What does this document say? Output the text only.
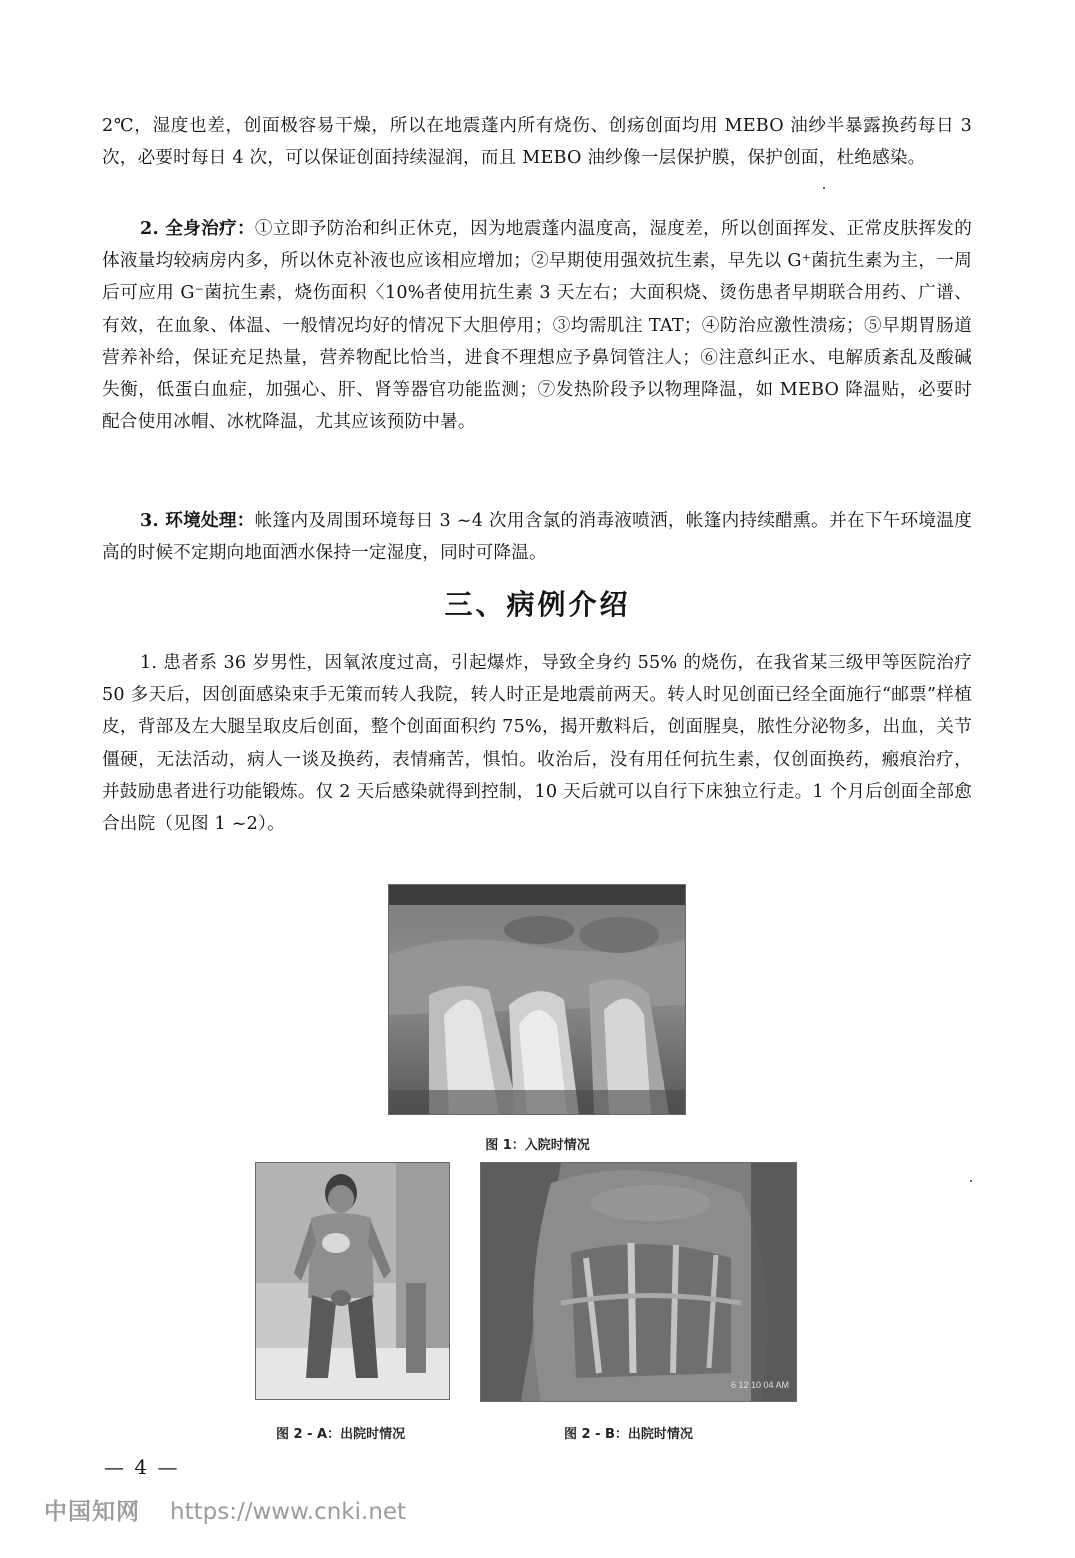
2℃，湿度也差，创面极容易干燥，所以在地震蓬内所有烧伤、创疡创面均用 MEBO 油纱半暴露换药每日 3 次，必要时每日 4 次，可以保证创面持续湿润，而且 MEBO 油纱像一层保护膜，保护创面，杜绝感染。

2. 全身治疗：①立即予防治和纠正休克，因为地震蓬内温度高，湿度差，所以创面挥发、正常皮肤挥发的体液量均较病房内多，所以休克补液也应该相应增加；②早期使用强效抗生素，早先以 G⁺菌抗生素为主，一周后可应用 G⁻菌抗生素，烧伤面积〈10%者使用抗生素 3 天左右；大面积烧、烫伤患者早期联合用药、广谱、有效，在血象、体温、一般情况均好的情况下大胆停用；③均需肌注 TAT；④防治应激性溃疡；⑤早期胃肠道营养补给，保证充足热量，营养物配比恰当，进食不理想应予鼻饲管注人；⑥注意纠正水、电解质紊乱及酸碱失衡，低蛋白血症，加强心、肝、肾等器官功能监测；⑦发热阶段予以物理降温，如 MEBO 降温贴，必要时配合使用冰帽、冰枕降温，尤其应该预防中暑。

3. 环境处理：帐篷内及周围环境每日 3 ~4 次用含氯的消毒液喷洒，帐篷内持续醋熏。并在下午环境温度高的时候不定期向地面洒水保持一定湿度，同时可降温。

三、病例介绍

1. 患者系 36 岁男性，因氧浓度过高，引起爆炸，导致全身约 55% 的烧伤，在我省某三级甲等医院治疗 50 多天后，因创面感染束手无策而转人我院，转人时正是地震前两天。转人时见创面已经全面施行“邮票”样植皮，背部及左大腿呈取皮后创面，整个创面面积约 75%，揭开敷料后，创面腥臭，脓性分泌物多，出血，关节僵硬，无法活动，病人一谈及换药，表情痛苦，惧怕。收治后，没有用任何抗生素，仅创面换药，瘢痕治疗，并鼓励患者进行功能锻炼。仅 2 天后感染就得到控制，10 天后就可以自行下床独立行走。1 个月后创面全部愈合出院（见图 1 ~2）。

图 1：入院时情况
图 2 - A：出院时情况
6 12 10 04 AM
图 2 - B：出院时情况
— 4 —
中国知网 https://www.cnki.net
